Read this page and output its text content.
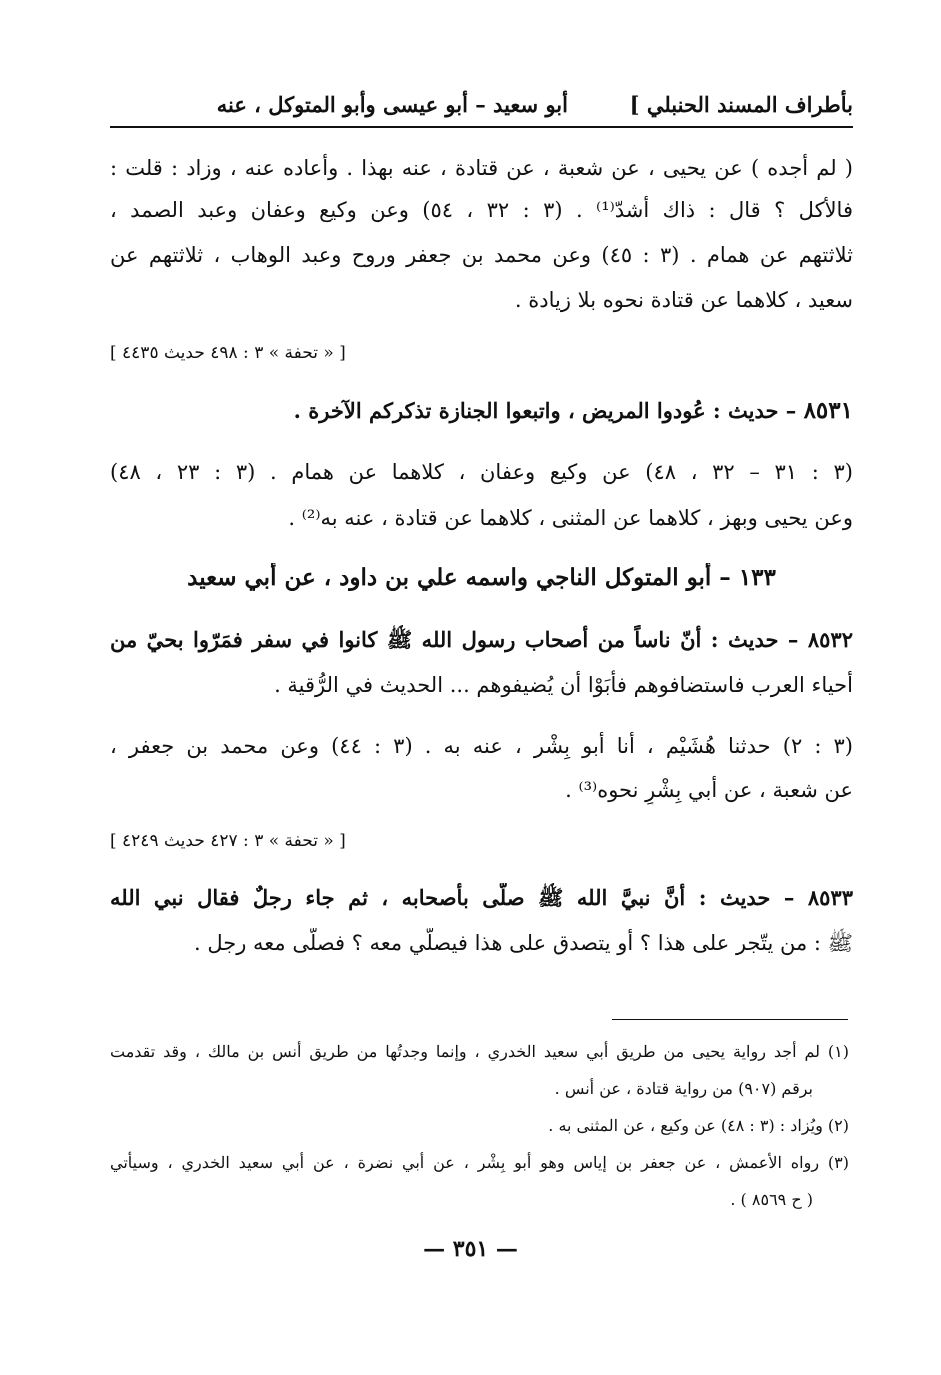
بأطراف المسند الحنبلي ]
أبو سعيد – أبو عيسى وأبو المتوكل ، عنه
( لم أجده ) عن يحيى ، عن شعبة ، عن قتادة ، عنه بهذا . وأعاده عنه ، وزاد : قلت :
فالأكل ؟ قال : ذاك أشدّ⁽¹⁾ . (٣ : ٣٢ ، ٥٤) وعن وكيع وعفان وعبد الصمد ،
ثلاثتهم عن همام . (٣ : ٤٥) وعن محمد بن جعفر وروح وعبد الوهاب ، ثلاثتهم عن
سعيد ، كلاهما عن قتادة نحوه بلا زيادة .
[ « تحفة » ٣ : ٤٩٨ حديث ٤٤٣٥ ]
٨٥٣١ – حديث : عُودوا المريض ، واتبعوا الجنازة تذكركم الآخرة .
(٣ : ٣١ – ٣٢ ، ٤٨) عن وكيع وعفان ، كلاهما عن همام . (٣ : ٢٣ ، ٤٨)
وعن يحيى وبهز ، كلاهما عن المثنى ، كلاهما عن قتادة ، عنه به⁽²⁾ .
١٣٣ – أبو المتوكل الناجي واسمه علي بن داود ، عن أبي سعيد
٨٥٣٢ – حديث : أنّ ناساً من أصحاب رسول الله ﷺ كانوا في سفر فمَرّوا بحيّ من
أحياء العرب فاستضافوهم فأبَوْا أن يُضيفوهم ... الحديث في الرُّقية .
(٣ : ٢) حدثنا هُشَيْم ، أنا أبو بِشْر ، عنه به . (٣ : ٤٤) وعن محمد بن جعفر ،
عن شعبة ، عن أبي بِشْرٍ نحوه⁽³⁾ .
[ « تحفة » ٣ : ٤٢٧ حديث ٤٢٤٩ ]
٨٥٣٣ – حديث : أنَّ نبيَّ الله ﷺ صلّى بأصحابه ، ثم جاء رجلٌ فقال نبي الله
ﷺ : من يتّجر على هذا ؟ أو يتصدق على هذا فيصلّي معه ؟ فصلّى معه رجل .
(١) لم أجد رواية يحيى من طريق أبي سعيد الخدري ، وإنما وجدتُها من طريق أنس بن مالك ، وقد تقدمت
برقم (٩٠٧) من رواية قتادة ، عن أنس .
(٢) ويُزاد : (٣ : ٤٨) عن وكيع ، عن المثنى به .
(٣) رواه الأعمش ، عن جعفر بن إياس وهو أبو بِشْر ، عن أبي نضرة ، عن أبي سعيد الخدري ، وسيأتي
( ح ٨٥٦٩ ) .
— ٣٥١ —
